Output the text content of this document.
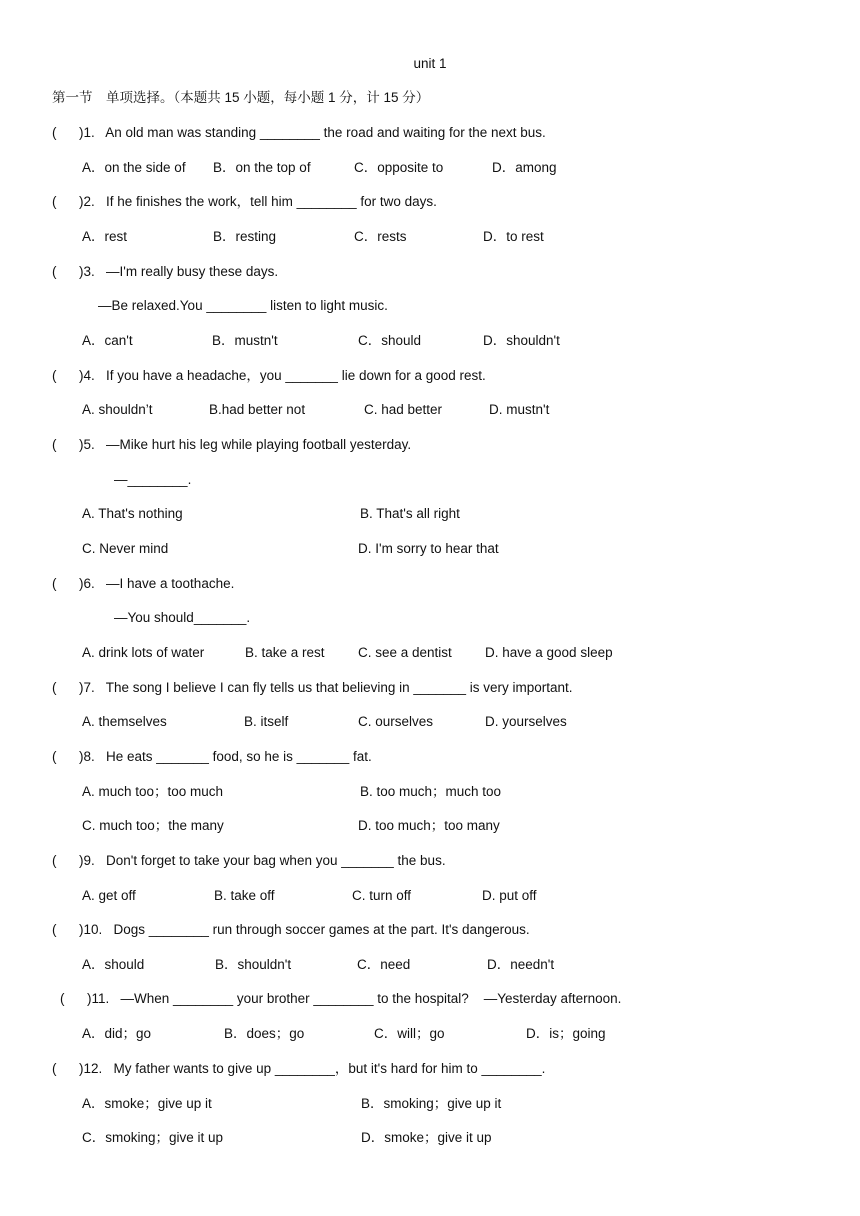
unit 1
第一节　单项选择。（本题共 15 小题，每小题 1 分，计 15 分）
(      )1.   An old man was standing ________ the road and waiting for the next bus.
A．on the side of B．on the top of	C．opposite to	D．among
(      )2.   If he finishes the work，tell him ________ for two days.
A．rest	B．resting	C．rests	D．to rest
(      )3.   —I'm really busy these days.
—Be relaxed.You ________ listen to light music.
A．can't	B．mustn't	C．should	D．shouldn't
(      )4.   If you have a headache，you _______ lie down for a good rest.
A. shouldn’t	B.had better not	C. had better	D. mustn't
(      )5.   —Mike hurt his leg while playing football yesterday.
—________.
A. That's nothing	B. That's all right
C. Never mind	D. I'm sorry to hear that
(      )6.   —I have a toothache.
—You should_______.
A. drink lots of water	B. take a rest C. see a dentist D. have a good sleep
(      )7.   The song I believe I can fly tells us that believing in _______ is very important.
A. themselves	B. itself	C. ourselves	D. yourselves
(      )8.   He eats _______ food, so he is _______ fat.
A. much too；too much	B. too much；much too
C. much too；the many	D. too much；too many
(      )9.   Don't forget to take your bag when you _______ the bus.
A. get off	B. take off	C. turn off	D. put off
(      )10.   Dogs ________ run through soccer games at the part. It's dangerous.
A．should	B．shouldn't	C．need	D．needn't
(      )11.   —When ________ your brother ________ to the hospital?    —Yesterday afternoon.
A．did；go	B．does；go	C．will；go	D．is；going
(      )12.   My father wants to give up ________，but it's hard for him to ________.
A．smoke；give up it	B．smoking；give up it
C．smoking；give it up	D．smoke；give it up
